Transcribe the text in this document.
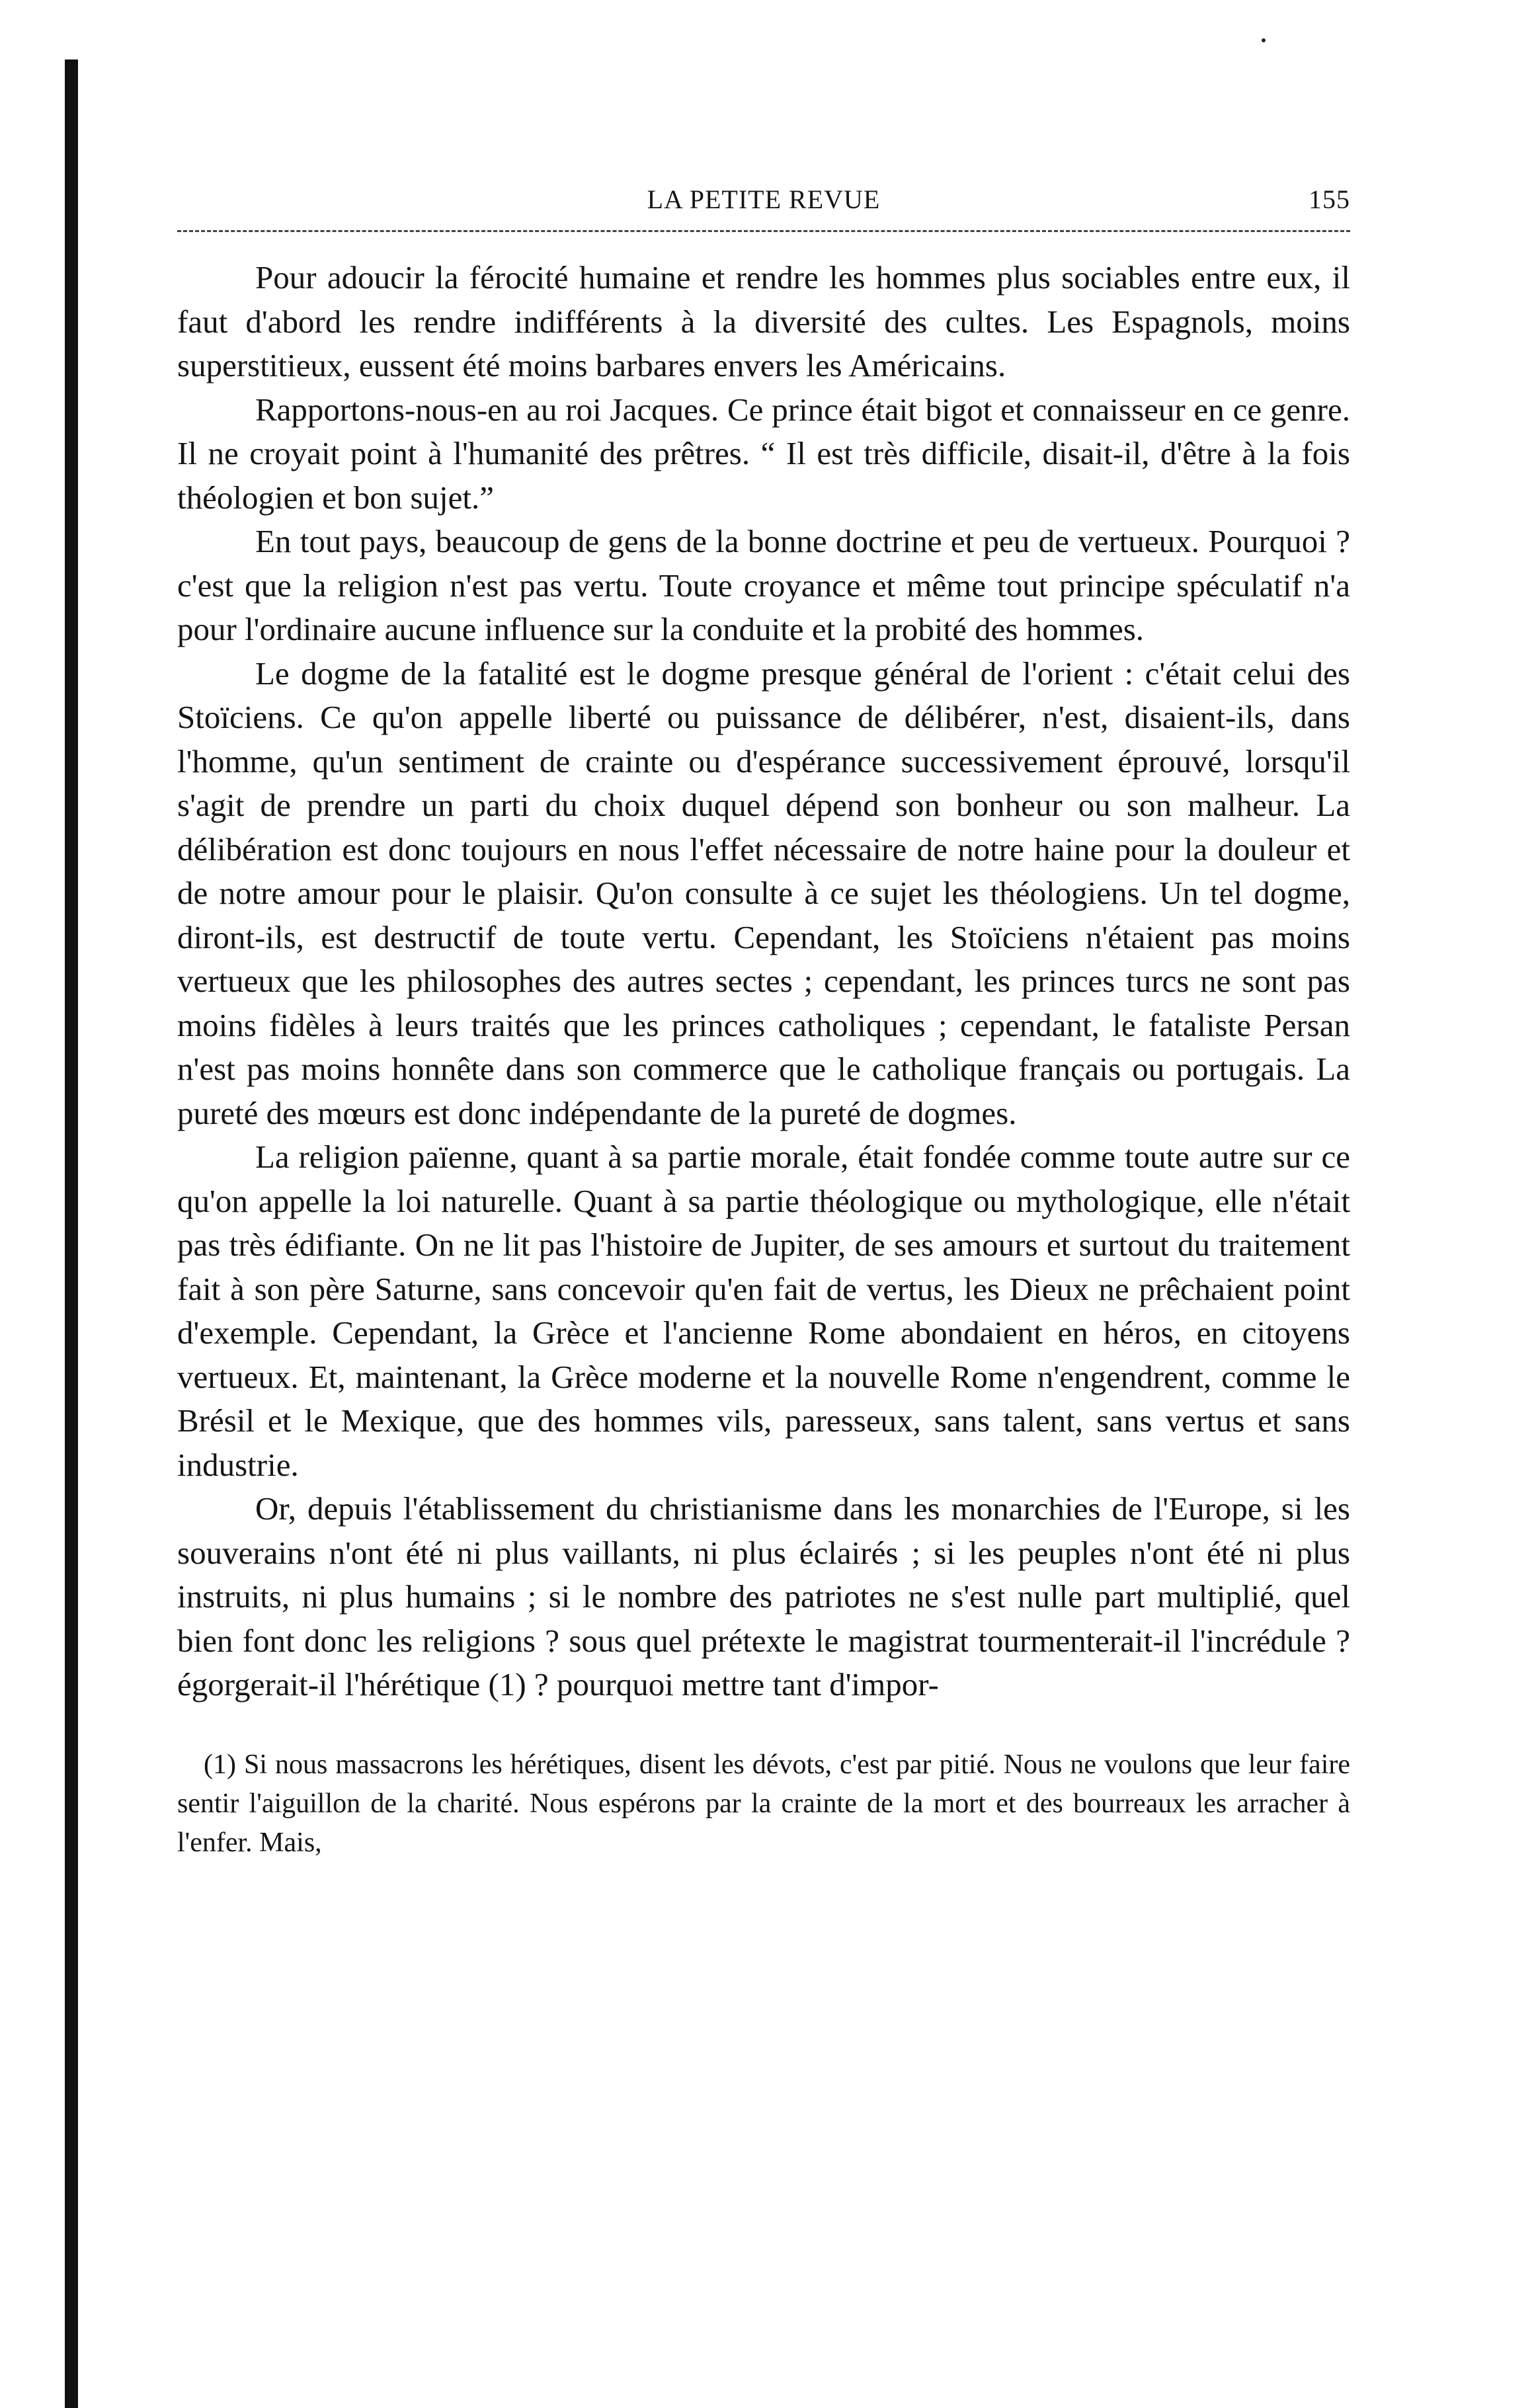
LA PETITE REVUE	155

Pour adoucir la férocité humaine et rendre les hommes plus sociables entre eux, il faut d'abord les rendre indifférents à la diversité des cultes. Les Espagnols, moins superstitieux, eussent été moins barbares envers les Américains.

Rapportons-nous-en au roi Jacques. Ce prince était bigot et connaisseur en ce genre. Il ne croyait point à l'humanité des prêtres. “ Il est très difficile, disait-il, d'être à la fois théologien et bon sujet.”

En tout pays, beaucoup de gens de la bonne doctrine et peu de vertueux. Pourquoi ? c'est que la religion n'est pas vertu. Toute croyance et même tout principe spéculatif n'a pour l'ordinaire aucune influence sur la conduite et la probité des hommes.

Le dogme de la fatalité est le dogme presque général de l'orient : c'était celui des Stoïciens. Ce qu'on appelle liberté ou puissance de délibérer, n'est, disaient-ils, dans l'homme, qu'un sentiment de crainte ou d'espérance successivement éprouvé, lorsqu'il s'agit de prendre un parti du choix duquel dépend son bonheur ou son malheur. La délibération est donc toujours en nous l'effet nécessaire de notre haine pour la douleur et de notre amour pour le plaisir. Qu'on consulte à ce sujet les théologiens. Un tel dogme, diront-ils, est destructif de toute vertu. Cependant, les Stoïciens n'étaient pas moins vertueux que les philosophes des autres sectes ; cependant, les princes turcs ne sont pas moins fidèles à leurs traités que les princes catholiques ; cependant, le fataliste Persan n'est pas moins honnête dans son commerce que le catholique français ou portugais. La pureté des mœurs est donc indépendante de la pureté de dogmes.

La religion païenne, quant à sa partie morale, était fondée comme toute autre sur ce qu'on appelle la loi naturelle. Quant à sa partie théologique ou mythologique, elle n'était pas très édifiante. On ne lit pas l'histoire de Jupiter, de ses amours et surtout du traitement fait à son père Saturne, sans concevoir qu'en fait de vertus, les Dieux ne prêchaient point d'exemple. Cependant, la Grèce et l'ancienne Rome abondaient en héros, en citoyens vertueux. Et, maintenant, la Grèce moderne et la nouvelle Rome n'engendrent, comme le Brésil et le Mexique, que des hommes vils, paresseux, sans talent, sans vertus et sans industrie.

Or, depuis l'établissement du christianisme dans les monarchies de l'Europe, si les souverains n'ont été ni plus vaillants, ni plus éclairés ; si les peuples n'ont été ni plus instruits, ni plus humains ; si le nombre des patriotes ne s'est nulle part multiplié, quel bien font donc les religions ? sous quel prétexte le magistrat tourmenterait-il l'incrédule ? égorgerait-il l'hérétique (1) ? pourquoi mettre tant d'impor-

(1) Si nous massacrons les hérétiques, disent les dévots, c'est par pitié. Nous ne voulons que leur faire sentir l'aiguillon de la charité. Nous espérons par la crainte de la mort et des bourreaux les arracher à l'enfer. Mais,
